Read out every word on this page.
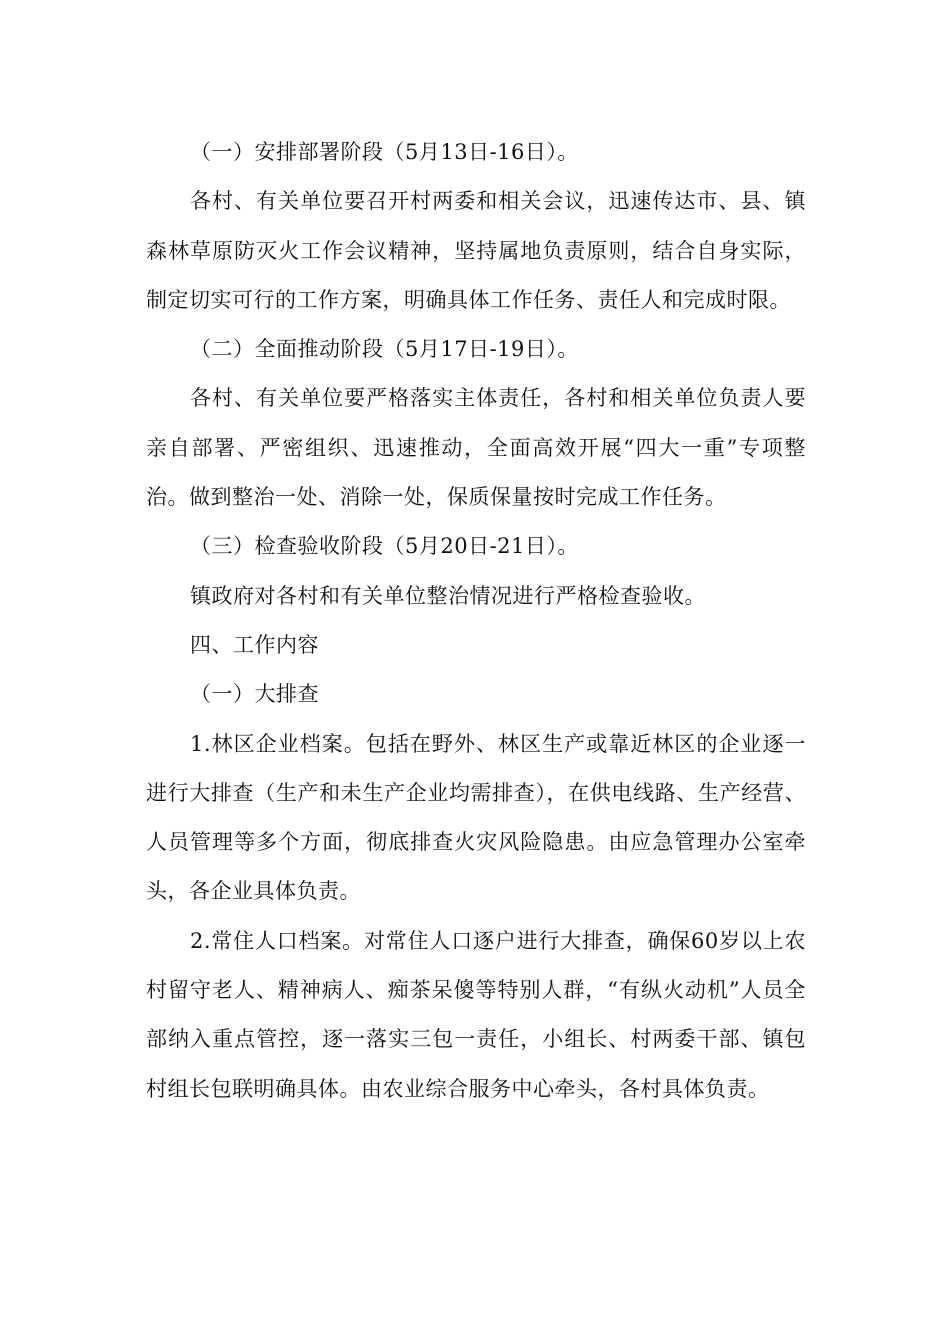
（一）安排部署阶段（5月13日-16日）。

各村、有关单位要召开村两委和相关会议，迅速传达市、县、镇森林草原防灭火工作会议精神，坚持属地负责原则，结合自身实际，制定切实可行的工作方案，明确具体工作任务、责任人和完成时限。

（二）全面推动阶段（5月17日-19日）。

各村、有关单位要严格落实主体责任，各村和相关单位负责人要亲自部署、严密组织、迅速推动，全面高效开展“四大一重”专项整治。做到整治一处、消除一处，保质保量按时完成工作任务。

（三）检查验收阶段（5月20日-21日）。

镇政府对各村和有关单位整治情况进行严格检查验收。

四、工作内容

（一）大排查

1.林区企业档案。包括在野外、林区生产或靠近林区的企业逐一进行大排查（生产和未生产企业均需排查），在供电线路、生产经营、人员管理等多个方面，彻底排查火灾风险隐患。由应急管理办公室牵头，各企业具体负责。

2.常住人口档案。对常住人口逐户进行大排查，确保60岁以上农村留守老人、精神病人、痴茶呆傻等特别人群，“有纵火动机”人员全部纳入重点管控，逐一落实三包一责任，小组长、村两委干部、镇包村组长包联明确具体。由农业综合服务中心牵头，各村具体负责。
